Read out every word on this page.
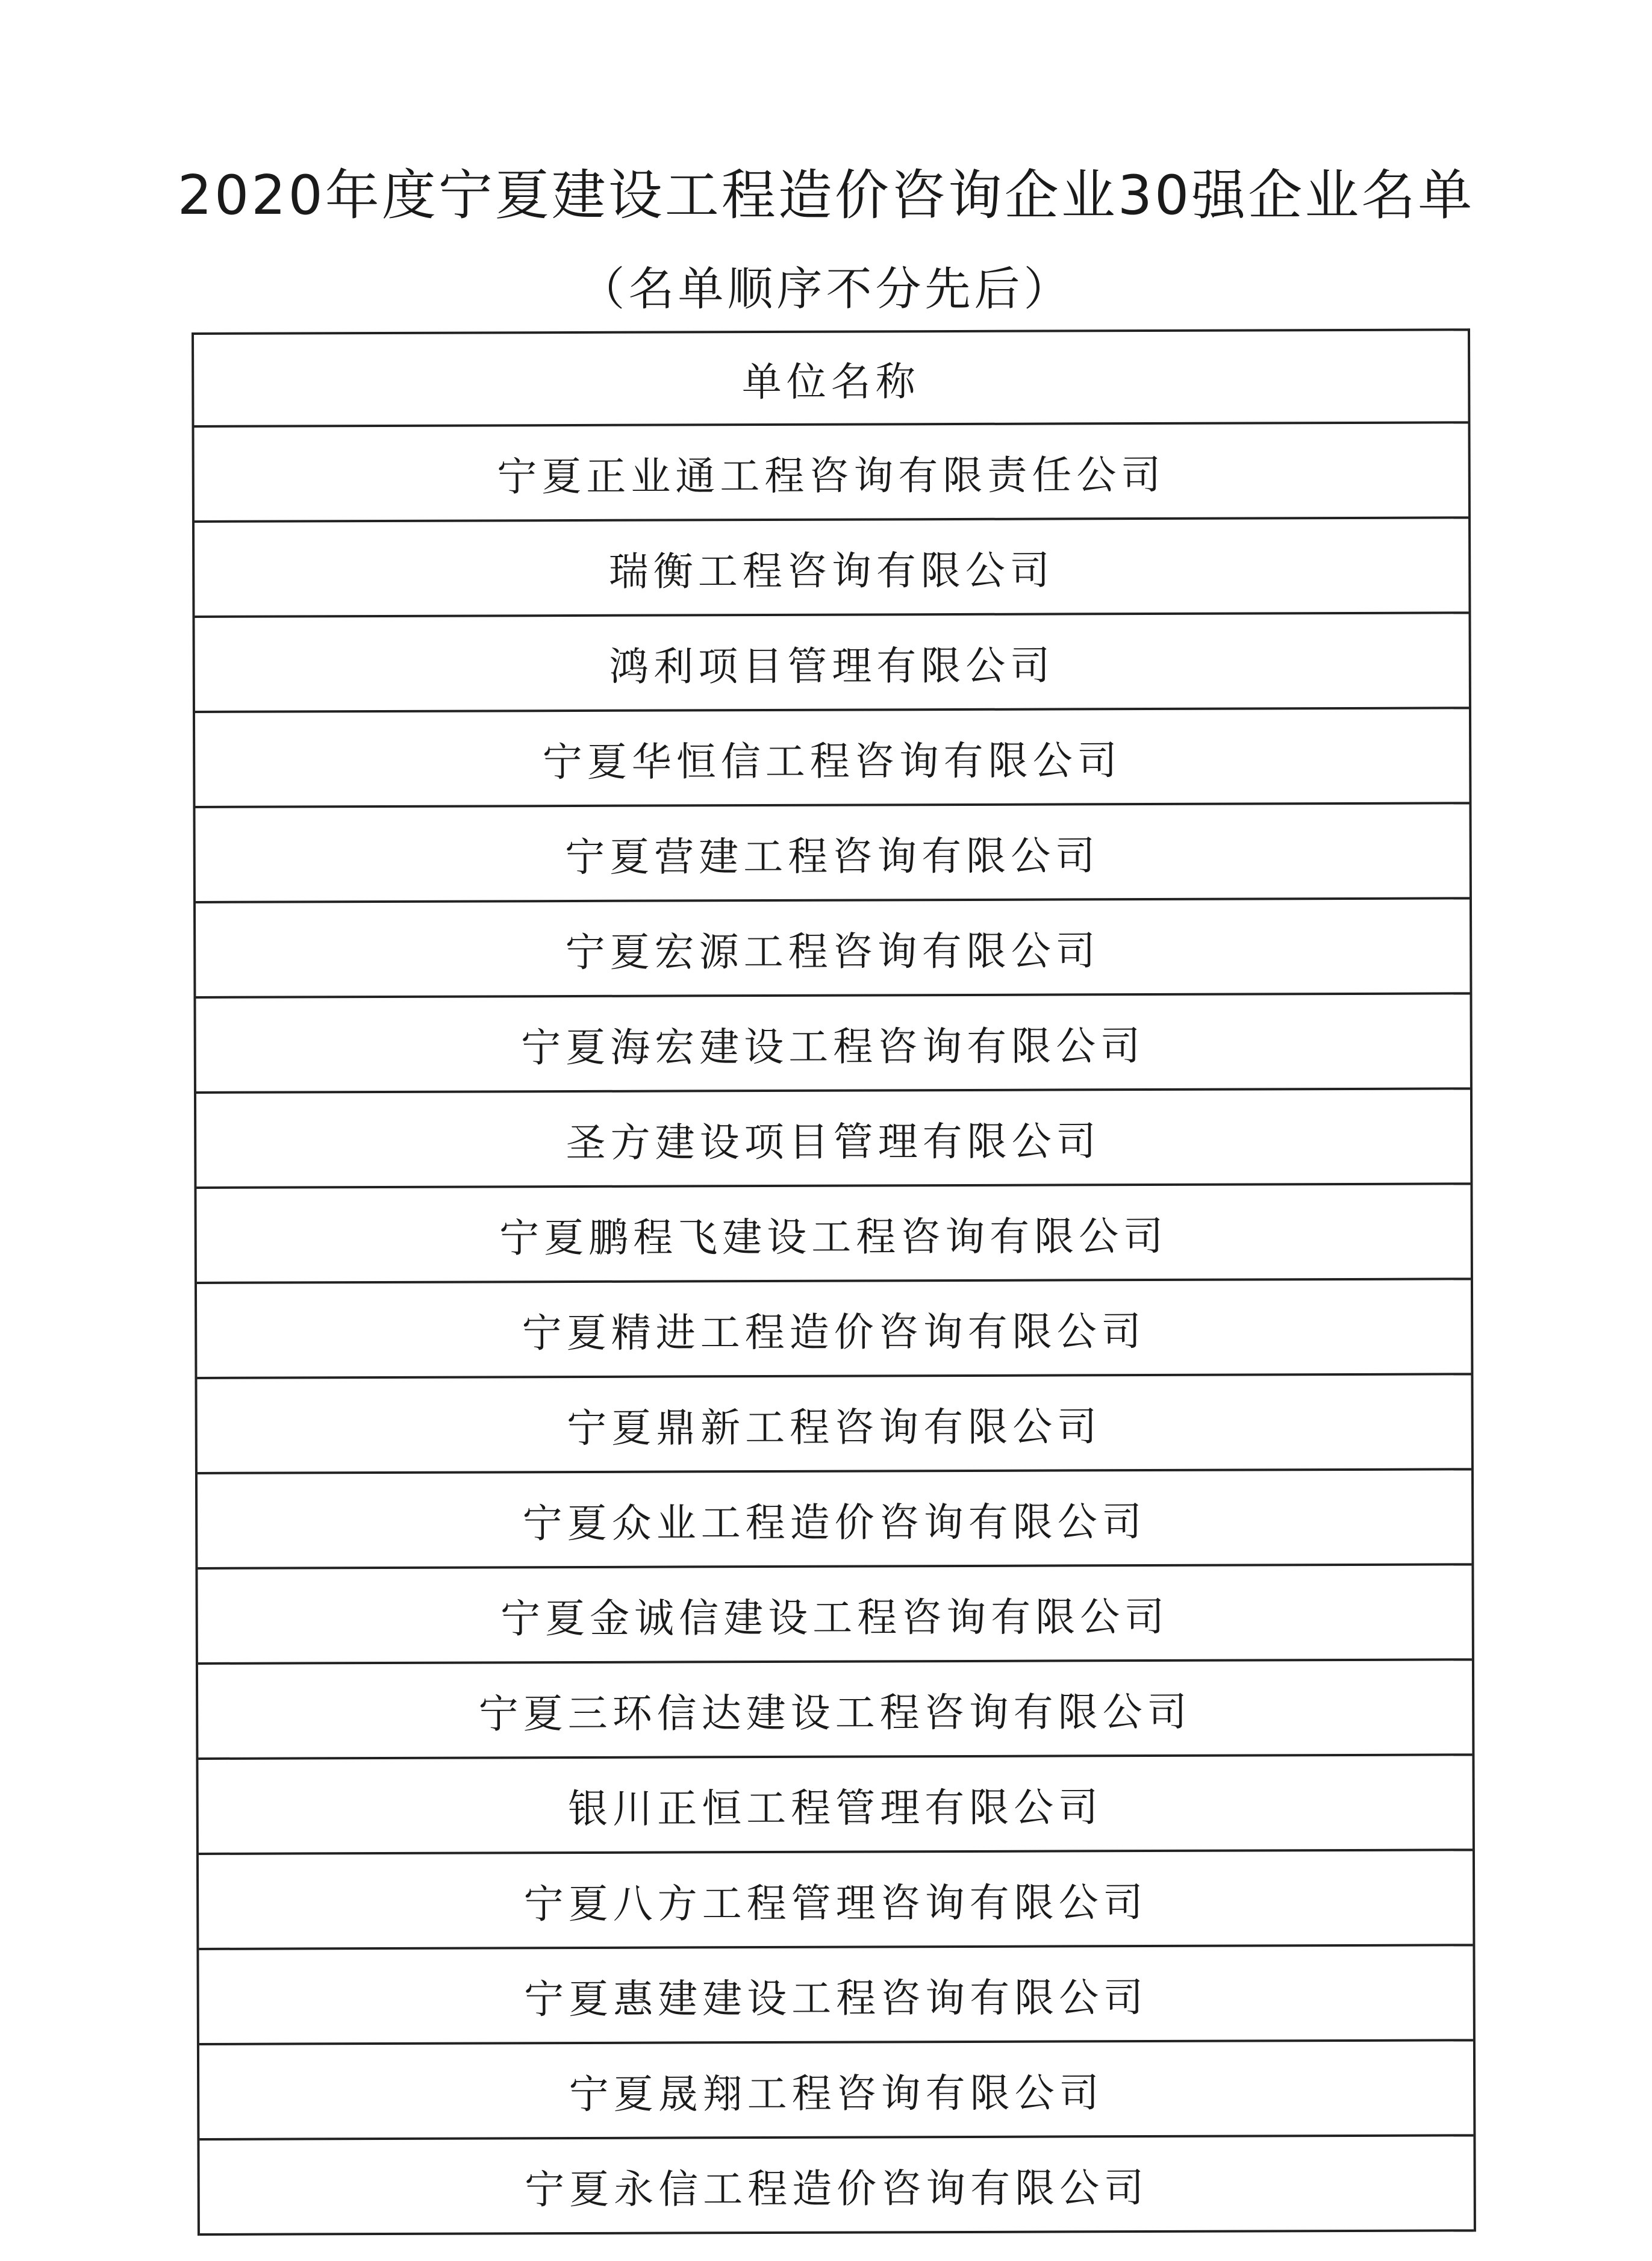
2020年度宁夏建设工程造价咨询企业30强企业名单
（名单顺序不分先后）
单位名称
宁夏正业通工程咨询有限责任公司
瑞衡工程咨询有限公司
鸿利项目管理有限公司
宁夏华恒信工程咨询有限公司
宁夏营建工程咨询有限公司
宁夏宏源工程咨询有限公司
宁夏海宏建设工程咨询有限公司
圣方建设项目管理有限公司
宁夏鹏程飞建设工程咨询有限公司
宁夏精进工程造价咨询有限公司
宁夏鼎新工程咨询有限公司
宁夏众业工程造价咨询有限公司
宁夏金诚信建设工程咨询有限公司
宁夏三环信达建设工程咨询有限公司
银川正恒工程管理有限公司
宁夏八方工程管理咨询有限公司
宁夏惠建建设工程咨询有限公司
宁夏晟翔工程咨询有限公司
宁夏永信工程造价咨询有限公司
